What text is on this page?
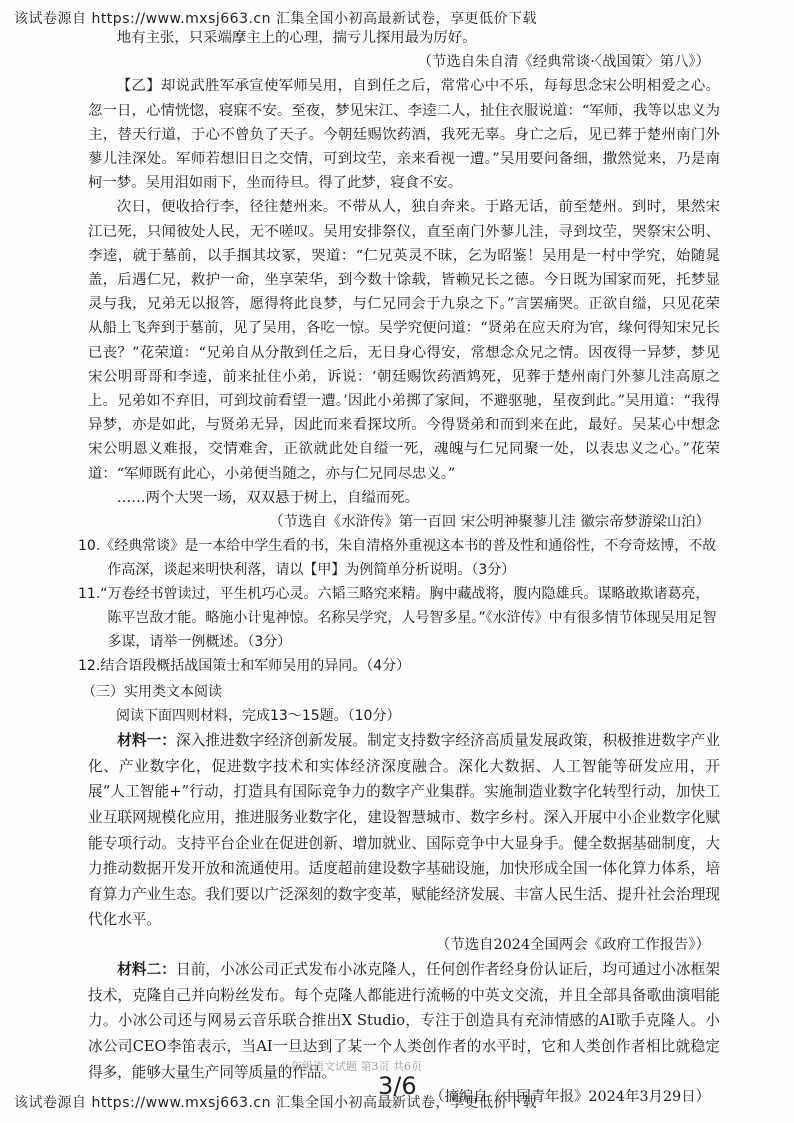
该试卷源自 https://www.mxsj663.cn 汇集全国小初高最新试卷，享更低价下载

地有主张，只采端摩主上的心理，揣亏儿探用最为厉好。

（节选自朱自清《经典常谈·〈战国策〉第八》）

【乙】却说武胜军承宣使军师吴用，自到任之后，常常心中不乐，每每思念宋公明相爱之心。忽一日，心情恍惚，寝寐不安。至夜，梦见宋江、李逵二人，扯住衣服说道：“军师，我等以忠义为主，替天行道，于心不曾负了天子。今朝廷赐饮药酒，我死无辜。身亡之后，见已葬于楚州南门外蓼儿洼深处。军师若想旧日之交情，可到坟茔，亲来看视一遭。”吴用要问备细，撒然觉来，乃是南柯一梦。吴用泪如雨下，坐而待旦。得了此梦，寝食不安。

次日，便收拾行李，径往楚州来。不带从人，独自奔来。于路无话，前至楚州。到时，果然宋江已死，只闻彼处人民，无不嗟叹。吴用安排祭仪，直至南门外蓼儿洼，寻到坟茔，哭祭宋公明、李逵，就于墓前，以手掴其坟冢，哭道：“仁兄英灵不昧，乞为昭鉴！吴用是一村中学究，始随晁盖，后遇仁兄，救护一命，坐享荣华，到今数十馀载，皆赖兄长之德。今日既为国家而死，托梦显灵与我，兄弟无以报答，愿得将此良梦，与仁兄同会于九泉之下。”言罢痛哭。正欲自缢，只见花荣从船上飞奔到于墓前，见了吴用，各吃一惊。吴学究便问道：“贤弟在应天府为官，缘何得知宋兄长已丧？”花荣道：“兄弟自从分散到任之后，无日身心得安，常想念众兄之情。因夜得一异梦，梦见宋公明哥哥和李逵，前来扯住小弟，诉说：‘朝廷赐饮药酒鸩死，见葬于楚州南门外蓼儿洼高原之上。兄弟如不弃旧，可到坟前看望一遭。’因此小弟掷了家间，不避驱驰，星夜到此。”吴用道：“我得异梦，亦是如此，与贤弟无异，因此而来看探坟所。今得贤弟和而到来在此，最好。吴某心中想念宋公明恩义难报，交情难舍，正欲就此处自缢一死，魂魄与仁兄同聚一处，以表忠义之心。”花荣道：“军师既有此心，小弟便当随之，亦与仁兄同尽忠义。”

……两个大哭一场，双双悬于树上，自缢而死。

（节选自《水浒传》第一百回 宋公明神聚蓼儿洼 徽宗帝梦游梁山泊）

10.《经典常谈》是一本给中学生看的书，朱自清格外重视这本书的普及性和通俗性，不夸奇炫博，不故作高深，谈起来明快利落，请以【甲】为例简单分析说明。（3分）

11.“万卷经书曾读过，平生机巧心灵。六韬三略究来精。胸中藏战将，腹内隐雄兵。谋略敢欺诸葛亮，陈平岂敌才能。略施小计鬼神惊。名称吴学究，人号智多星。”《水浒传》中有很多情节体现吴用足智多谋，请举一例概述。（3分）

12.结合语段概括战国策士和军师吴用的异同。（4分）

（三）实用类文本阅读

阅读下面四则材料，完成13～15题。（10分）

材料一：深入推进数字经济创新发展。制定支持数字经济高质量发展政策，积极推进数字产业化、产业数字化，促进数字技术和实体经济深度融合。深化大数据、人工智能等研发应用，开展“人工智能+”行动，打造具有国际竞争力的数字产业集群。实施制造业数字化转型行动，加快工业互联网规模化应用，推进服务业数字化，建设智慧城市、数字乡村。深入开展中小企业数字化赋能专项行动。支持平台企业在促进创新、增加就业、国际竞争中大显身手。健全数据基础制度，大力推动数据开发开放和流通使用。适度超前建设数字基础设施，加快形成全国一体化算力体系，培育算力产业生态。我们要以广泛深刻的数字变革，赋能经济发展、丰富人民生活、提升社会治理现代化水平。

（节选自2024全国两会《政府工作报告》）

材料二：日前，小冰公司正式发布小冰克隆人，任何创作者经身份认证后，均可通过小冰框架技术，克隆自己并向粉丝发布。每个克隆人都能进行流畅的中英文交流，并且全部具备歌曲演唱能力。小冰公司还与网易云音乐联合推出X Studio，专注于创造具有充沛情感的AI歌手克隆人。小冰公司CEO李笛表示，当AI一旦达到了某一个人类创作者的水平时，它和人类创作者相比就稳定得多，能够大量生产同等质量的作品。

（摘编自《中国青年报》2024年3月29日）

八年级语文试题 第3页 共6页
3/6
该试卷源自 https://www.mxsj663.cn 汇集全国小初高最新试卷，享更低价下载
